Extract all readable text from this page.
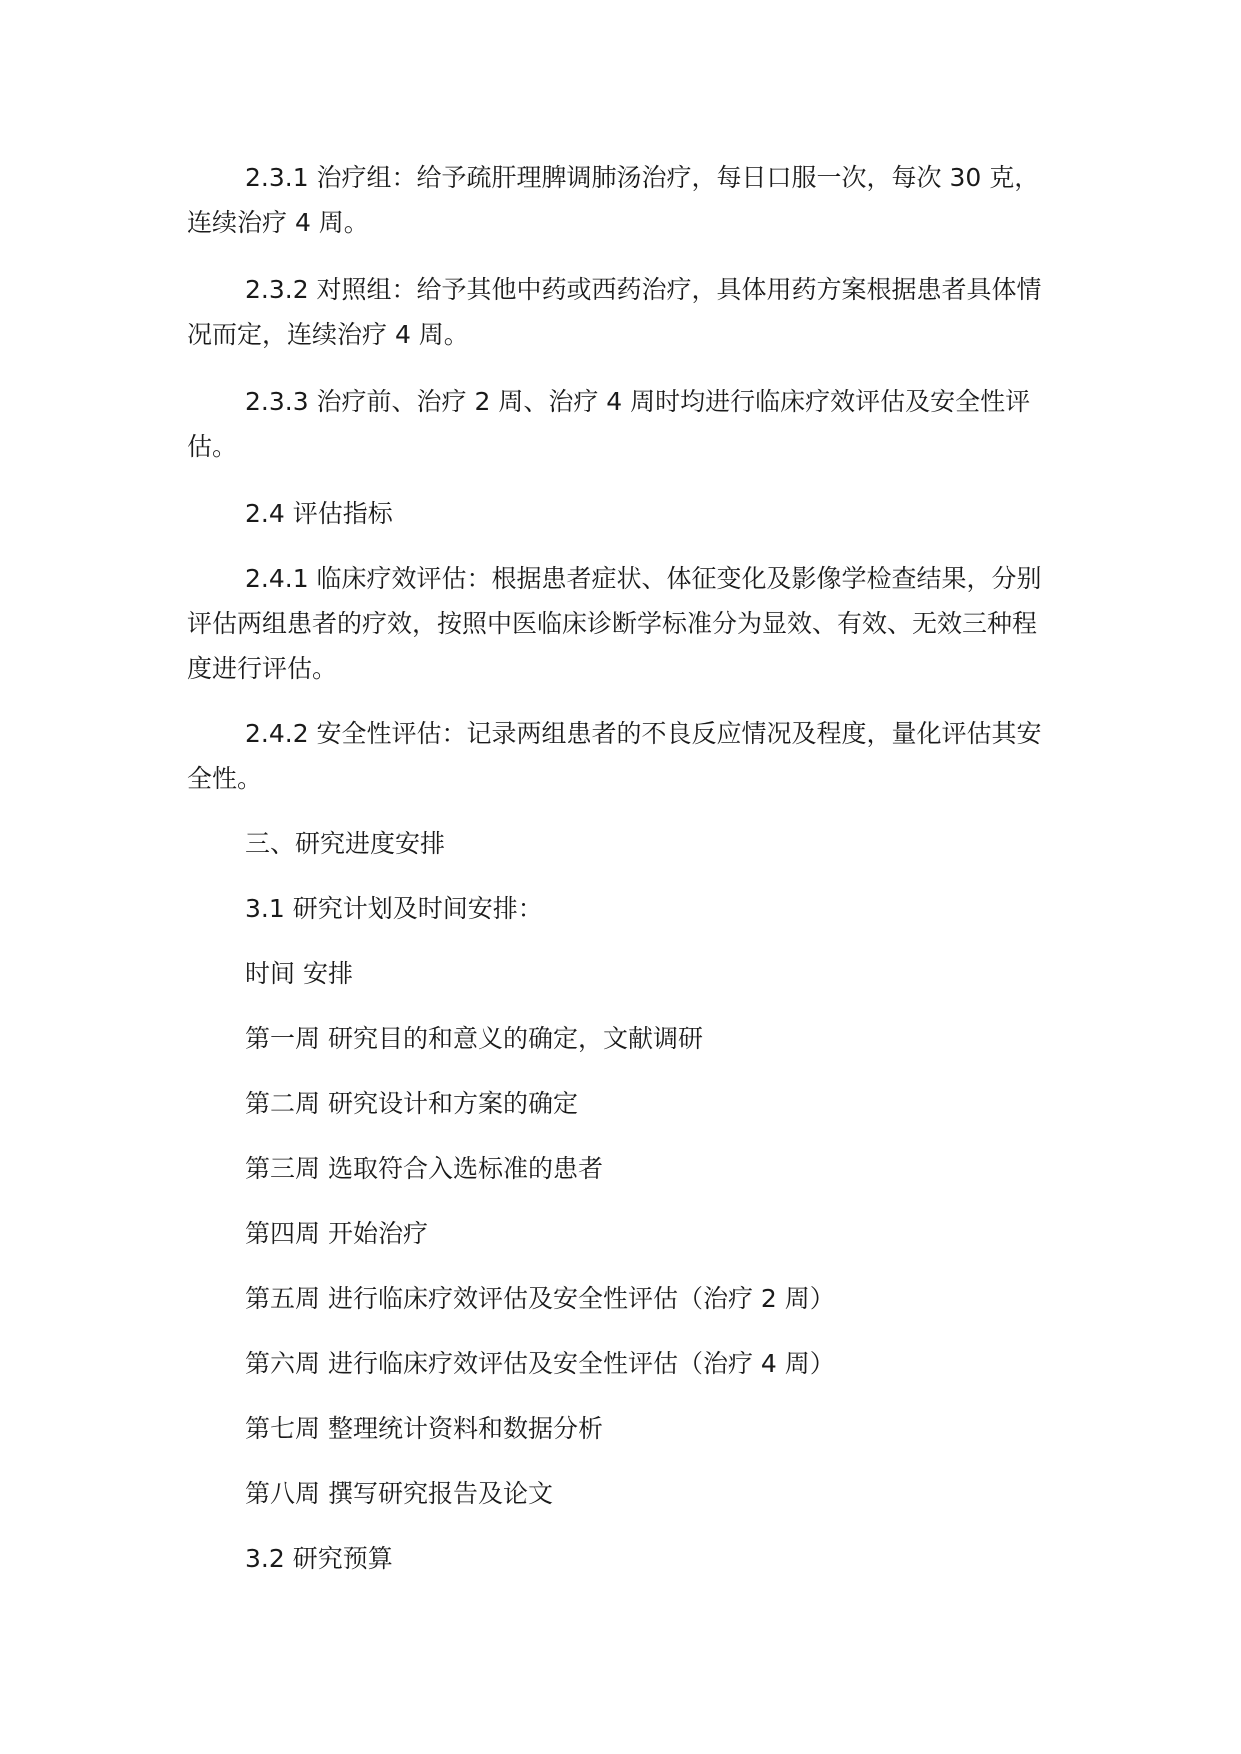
2.3.1 治疗组：给予疏肝理脾调肺汤治疗，每日口服一次，每次 30 克，连续治疗 4 周。

2.3.2 对照组：给予其他中药或西药治疗，具体用药方案根据患者具体情况而定，连续治疗 4 周。

2.3.3 治疗前、治疗 2 周、治疗 4 周时均进行临床疗效评估及安全性评估。

2.4 评估指标

2.4.1 临床疗效评估：根据患者症状、体征变化及影像学检查结果，分别评估两组患者的疗效，按照中医临床诊断学标准分为显效、有效、无效三种程度进行评估。

2.4.2 安全性评估：记录两组患者的不良反应情况及程度，量化评估其安全性。

三、研究进度安排

3.1 研究计划及时间安排：

时间 安排

第一周 研究目的和意义的确定，文献调研

第二周 研究设计和方案的确定

第三周 选取符合入选标准的患者

第四周 开始治疗

第五周 进行临床疗效评估及安全性评估（治疗 2 周）

第六周 进行临床疗效评估及安全性评估（治疗 4 周）

第七周 整理统计资料和数据分析

第八周 撰写研究报告及论文

3.2 研究预算
